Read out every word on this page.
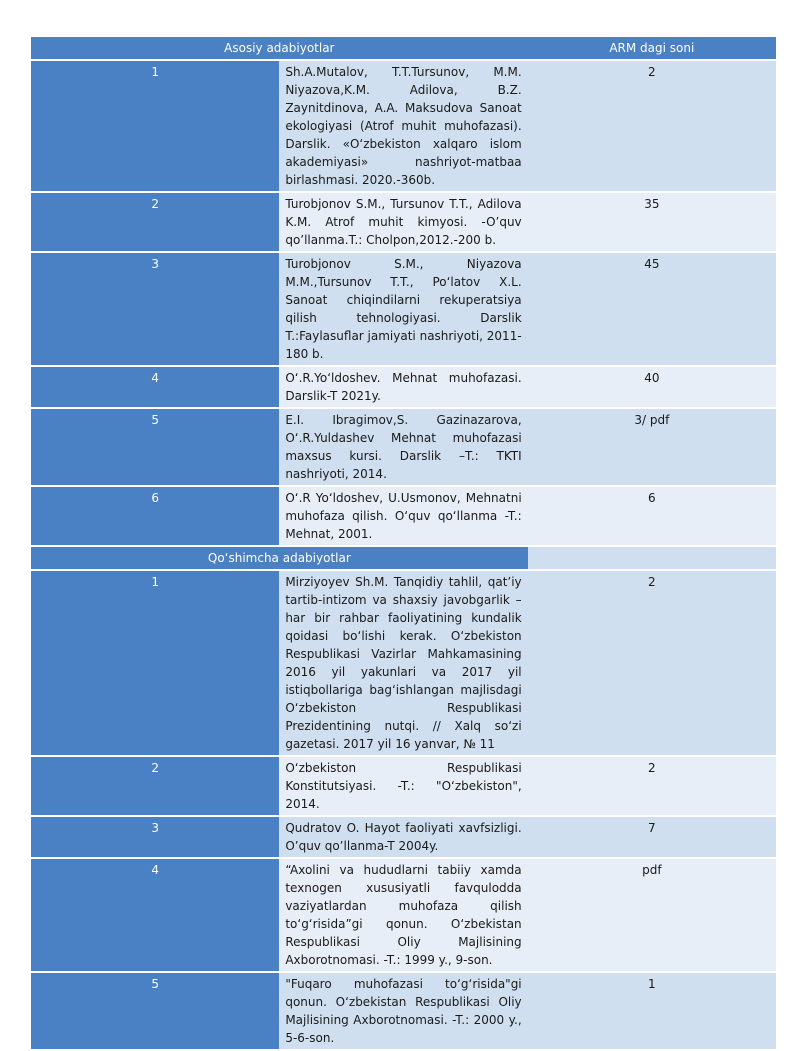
Asosiy adabiyotlar		ARM dagi soni
1	Sh.A.Mutalov, T.T.Tursunov, M.M. Niyazova,K.M. Adilova, B.Z. Zaynitdinova, A.A. Maksudova Sanoat ekologiyasi (Atrof muhit muhofazasi). Darslik. «O‘zbekiston xalqaro islom akademiyasi» nashriyot-matbaa birlashmasi. 2020.-360b.	2
2	Turobjonov S.M., Tursunov T.T., Adilova K.M. Atrof muhit kimyosi. -O’quv qo’llanma.T.: Cholpon,2012.-200 b.	35
3	Turobjonov S.M., Niyazova M.M.,Tursunov T.T., Po‘latov X.L. Sanoat chiqindilarni rekuperatsiya qilish tehnologiyasi. Darslik T.:Faylasuflar jamiyati nashriyoti, 2011-180 b.	45
4	O‘.R.Yo‘ldoshev. Mehnat muhofazasi. Darslik-T 2021y.	40
5	E.I. Ibragimov,S. Gazinazarova, O‘.R.Yuldashev Mehnat muhofazasi maxsus kursi. Darslik –T.: TKTI nashriyoti, 2014.	3/ pdf
6	O‘.R Yo‘ldoshev, U.Usmonov, Mehnatni muhofaza qilish. O‘quv qo‘llanma -T.: Mehnat, 2001.	6
Qo‘shimcha adabiyotlar		
1	Mirziyoyev Sh.M. Tanqidiy tahlil, qat’iy tartib-intizom va shaxsiy javobgarlik – har bir rahbar faoliyatining kundalik qoidasi bo‘lishi kerak. O‘zbekiston Respublikasi Vazirlar Mahkamasining 2016 yil yakunlari va 2017 yil istiqbollariga bag‘ishlangan majlisdagi O‘zbekiston Respublikasi Prezidentining nutqi. // Xalq so‘zi gazetasi. 2017 yil 16 yanvar, № 11	2
2	O‘zbekiston Respublikasi Konstitutsiyasi. -T.: "O‘zbekiston", 2014.	2
3	Qudratov O. Hayot faoliyati xavfsizligi. O’quv qo’llanma-T 2004y.	7
4	“Axolini va hududlarni tabiiy xamda texnogen xususiyatli favqulodda vaziyatlardan muhofaza qilish to‘g‘risida”gi qonun. O‘zbekistan Respublikasi Oliy Majlisining Axborotnomasi. -T.: 1999 y., 9-son.	pdf
5	"Fuqaro muhofazasi to‘g‘risida"gi qonun. O‘zbekistan Respublikasi Oliy Majlisining Axborotnomasi. -T.: 2000 y., 5-6-son.	1
